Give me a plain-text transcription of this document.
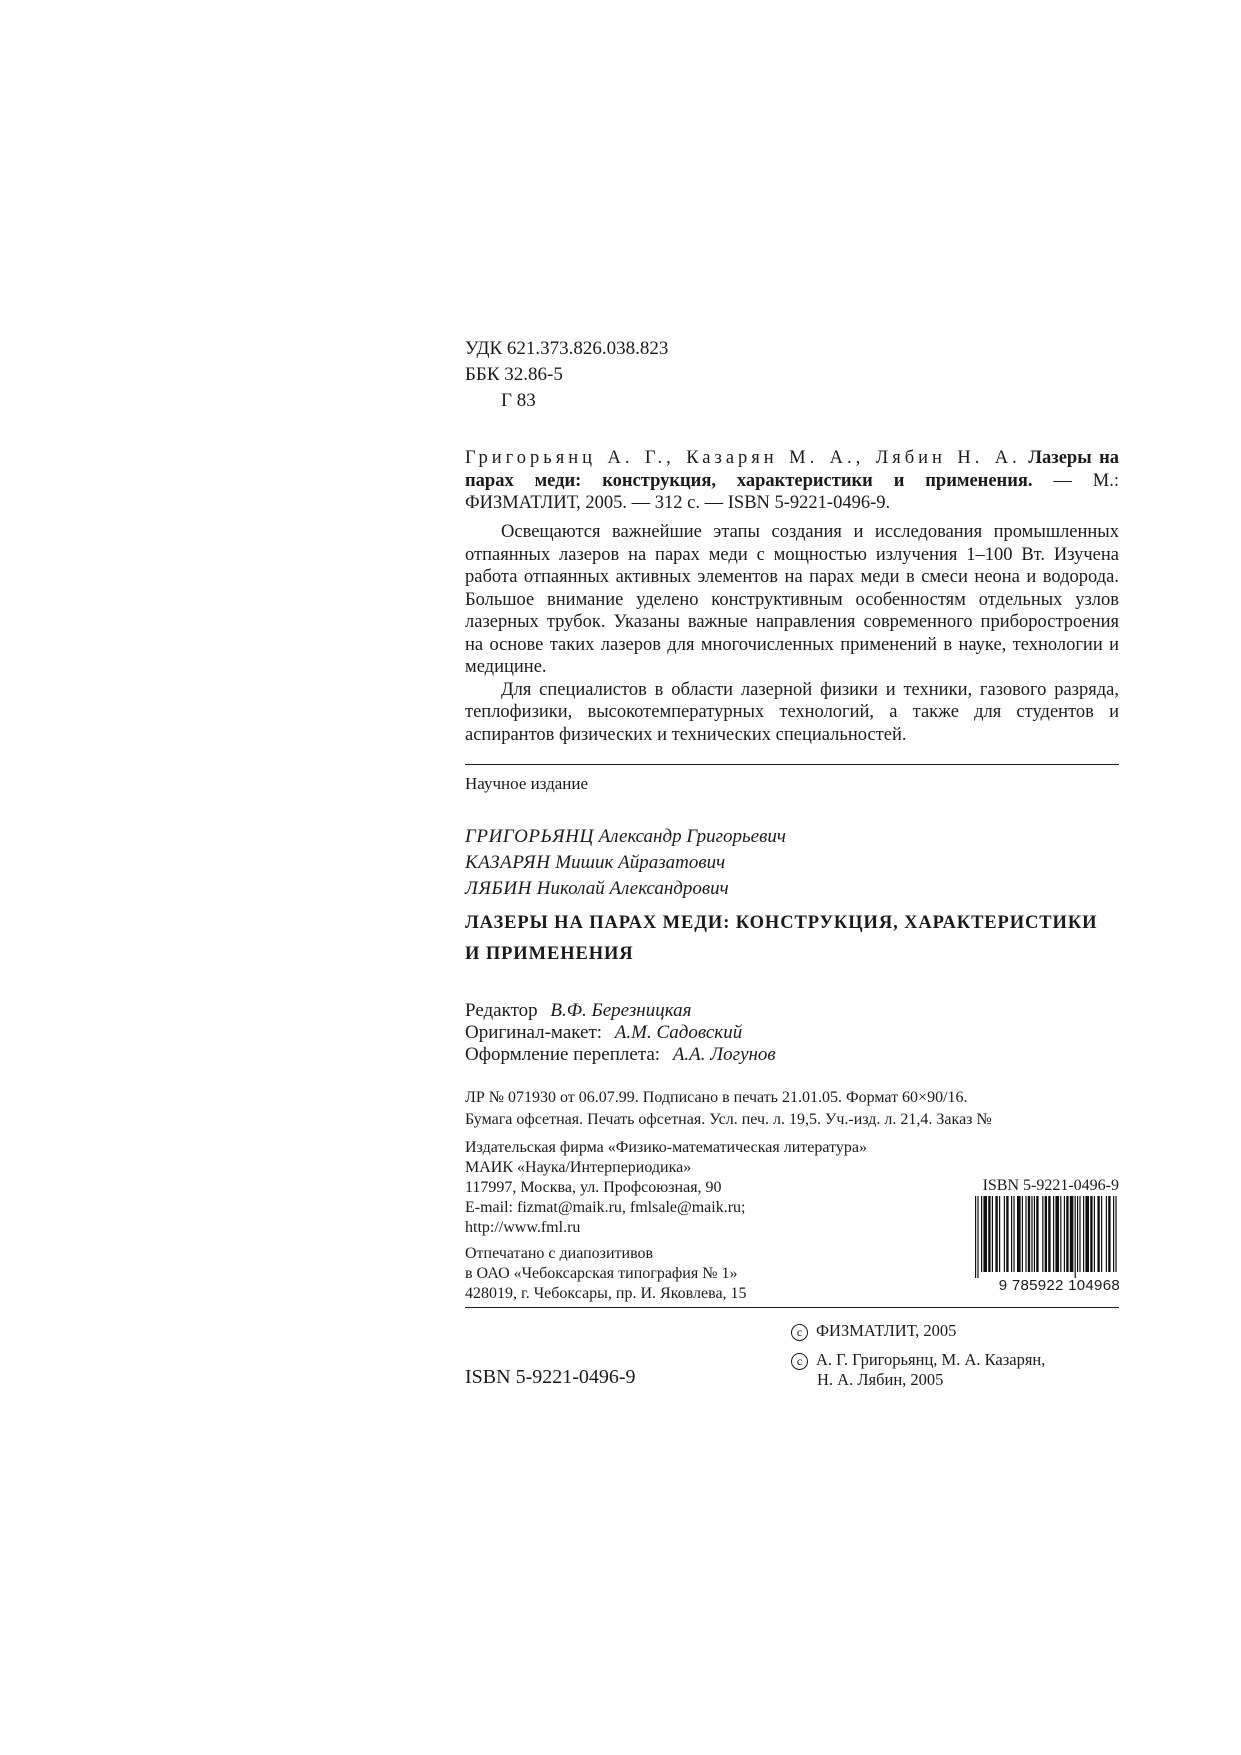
УДК 621.373.826.038.823
ББК 32.86-5
Г 83
Григорьянц А. Г., Казарян М. А., Лябин Н. А. Лазеры на парах меди: конструкция, характеристики и применения. — М.: ФИЗМАТЛИТ, 2005. — 312 с. — ISBN 5-9221-0496-9.

Освещаются важнейшие этапы создания и исследования промышленных отпаянных лазеров на парах меди с мощностью излучения 1–100 Вт. Изучена работа отпаянных активных элементов на парах меди в смеси неона и водорода. Большое внимание уделено конструктивным особенностям отдельных узлов лазерных трубок. Указаны важные направления современного приборостроения на основе таких лазеров для многочисленных применений в науке, технологии и медицине.

Для специалистов в области лазерной физики и техники, газового разряда, теплофизики, высокотемпературных технологий, а также для студентов и аспирантов физических и технических специальностей.

Научное издание
ГРИГОРЬЯНЦ Александр Григорьевич
КАЗАРЯН Мишик Айразатович
ЛЯБИН Николай Александрович
ЛАЗЕРЫ НА ПАРАХ МЕДИ: КОНСТРУКЦИЯ, ХАРАКТЕРИСТИКИ
И ПРИМЕНЕНИЯ
Редактор В.Ф. Березницкая
Оригинал-макет: А.М. Садовский
Оформление переплета: А.А. Логунов
ЛР № 071930 от 06.07.99. Подписано в печать 21.01.05. Формат 60×90/16.
Бумага офсетная. Печать офсетная. Усл. печ. л. 19,5. Уч.-изд. л. 21,4. Заказ №
Издательская фирма «Физико-математическая литература»
МАИК «Наука/Интерпериодика»
117997, Москва, ул. Профсоюзная, 90
E-mail: fizmat@maik.ru, fmlsale@maik.ru;
http://www.fml.ru
Отпечатано с диапозитивов
в ОАО «Чебоксарская типография № 1»
428019, г. Чебоксары, пр. И. Яковлева, 15
ISBN 5-9221-0496-9
9 785922 104968
ISBN 5-9221-0496-9
c ФИЗМАТЛИТ, 2005
c А. Г. Григорьянц, М. А. Казарян,
Н. А. Лябин, 2005
